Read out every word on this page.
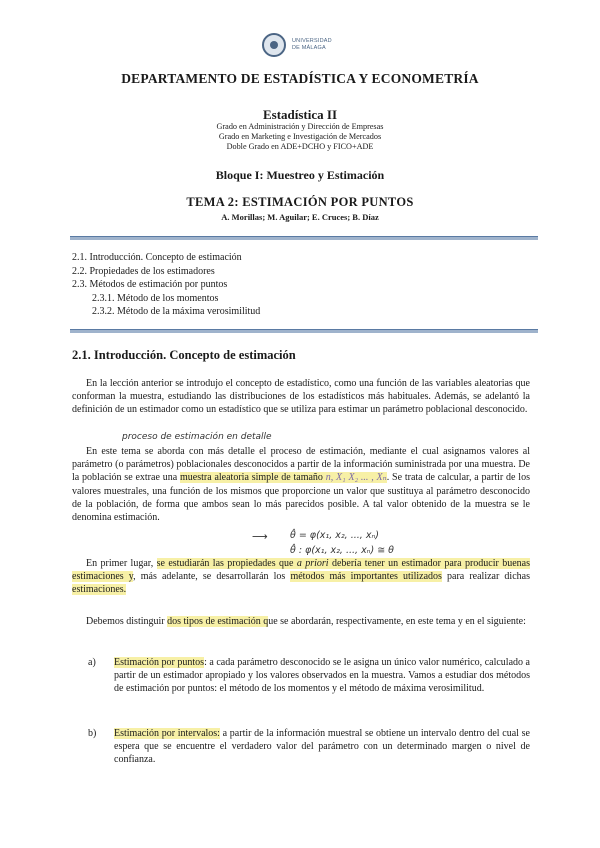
UNIVERSIDAD
DE MÁLAGA
DEPARTAMENTO DE ESTADÍSTICA Y ECONOMETRÍA
Estadística II
Grado en Administración y Dirección de Empresas
Grado en Marketing e Investigación de Mercados
Doble Grado en ADE+DCHO y FICO+ADE
Bloque I: Muestreo y Estimación
TEMA 2: ESTIMACIÓN POR PUNTOS
A. Morillas; M. Aguilar; E. Cruces; B. Díaz
2.1. Introducción. Concepto de estimación
2.2. Propiedades de los estimadores
2.3. Métodos de estimación por puntos
2.3.1. Método de los momentos
2.3.2. Método de la máxima verosimilitud
2.1. Introducción. Concepto de estimación

En la lección anterior se introdujo el concepto de estadístico, como una función de las variables aleatorias que conforman la muestra, estudiando las distribuciones de los estadísticos más habituales. Además, se adelantó la definición de un estimador como un estadístico que se utiliza para estimar un parámetro poblacional desconocido.

proceso de estimación en detalle

En este tema se aborda con más detalle el proceso de estimación, mediante el cual asignamos valores al parámetro (o parámetros) poblacionales desconocidos a partir de la información suministrada por una muestra. De la población se extrae una muestra aleatoria simple de tamaño n, X₁ X₂ ... , Xₙ. Se trata de calcular, a partir de los valores muestrales, una función de los mismos que proporcione un valor que sustituya al parámetro desconocido de la población, de forma que ambos sean lo más parecidos posible. A tal valor obtenido de la muestra se le denomina estimación.

⟶ θ̂ = φ(x₁, x₂, ..., xₙ)
θ̂ : φ(x₁, x₂, ..., xₙ) ≅ θ

En primer lugar, se estudiarán las propiedades que a priori debería tener un estimador para producir buenas estimaciones y, más adelante, se desarrollarán los métodos más importantes utilizados para realizar dichas estimaciones.

Debemos distinguir dos tipos de estimación que se abordarán, respectivamente, en este tema y en el siguiente:

a) Estimación por puntos: a cada parámetro desconocido se le asigna un único valor numérico, calculado a partir de un estimador apropiado y los valores observados en la muestra. Vamos a estudiar dos métodos de estimación por puntos: el método de los momentos y el método de máxima verosimilitud.
b) Estimación por intervalos: a partir de la información muestral se obtiene un intervalo dentro del cual se espera que se encuentre el verdadero valor del parámetro con un determinado margen o nivel de confianza.
